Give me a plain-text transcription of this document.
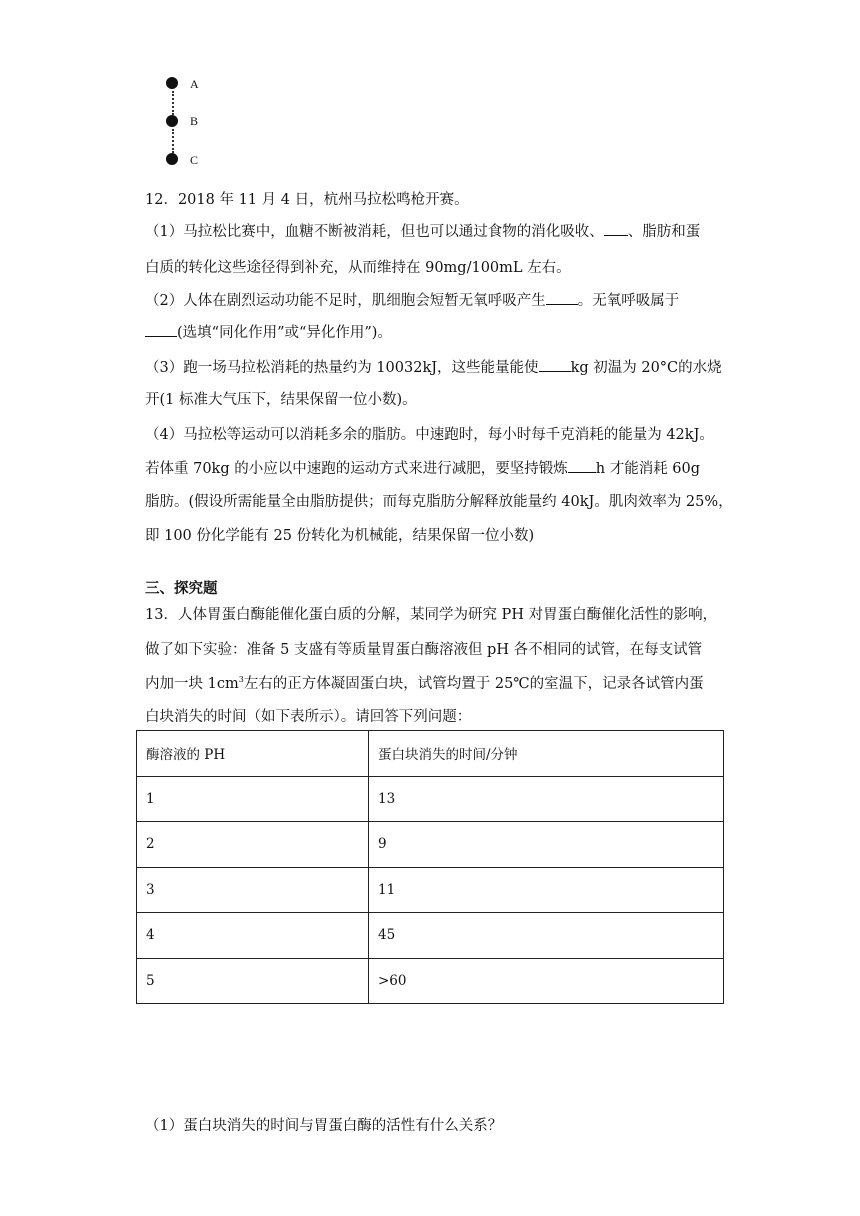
A
B
C
12．2018 年 11 月 4 日，杭州马拉松鸣枪开赛。
（1）马拉松比赛中，血糖不断被消耗，但也可以通过食物的消化吸收、 、脂肪和蛋
白质的转化这些途径得到补充，从而维持在 90mg/100mL 左右。
（2）人体在剧烈运动功能不足时，肌细胞会短暂无氧呼吸产生 。无氧呼吸属于
(选填“同化作用”或“异化作用”)。
（3）跑一场马拉松消耗的热量约为 10032kJ，这些能量能使 kg 初温为 20°C的水烧
开(1 标准大气压下，结果保留一位小数)。
（4）马拉松等运动可以消耗多余的脂肪。中速跑时，每小时每千克消耗的能量为 42kJ。
若体重 70kg 的小应以中速跑的运动方式来进行减肥，要坚持锻炼 h 才能消耗 60g
脂肪。(假设所需能量全由脂肪提供；而每克脂肪分解释放能量约 40kJ。肌肉效率为 25%，
即 100 份化学能有 25 份转化为机械能，结果保留一位小数)
三、探究题
13．人体胃蛋白酶能催化蛋白质的分解，某同学为研究 PH 对胃蛋白酶催化活性的影响，
做了如下实验：准备 5 支盛有等质量胃蛋白酶溶液但 pH 各不相同的试管，在每支试管
内加一块 $1cm^3$左右的正方体凝固蛋白块，试管均置于 25℃的室温下，记录各试管内蛋
白块消失的时间（如下表所示）。请回答下列问题：
酶溶液的 PH	蛋白块消失的时间/分钟
1	13
2	9
3	11
4	45
5	>60
（1）蛋白块消失的时间与胃蛋白酶的活性有什么关系？
